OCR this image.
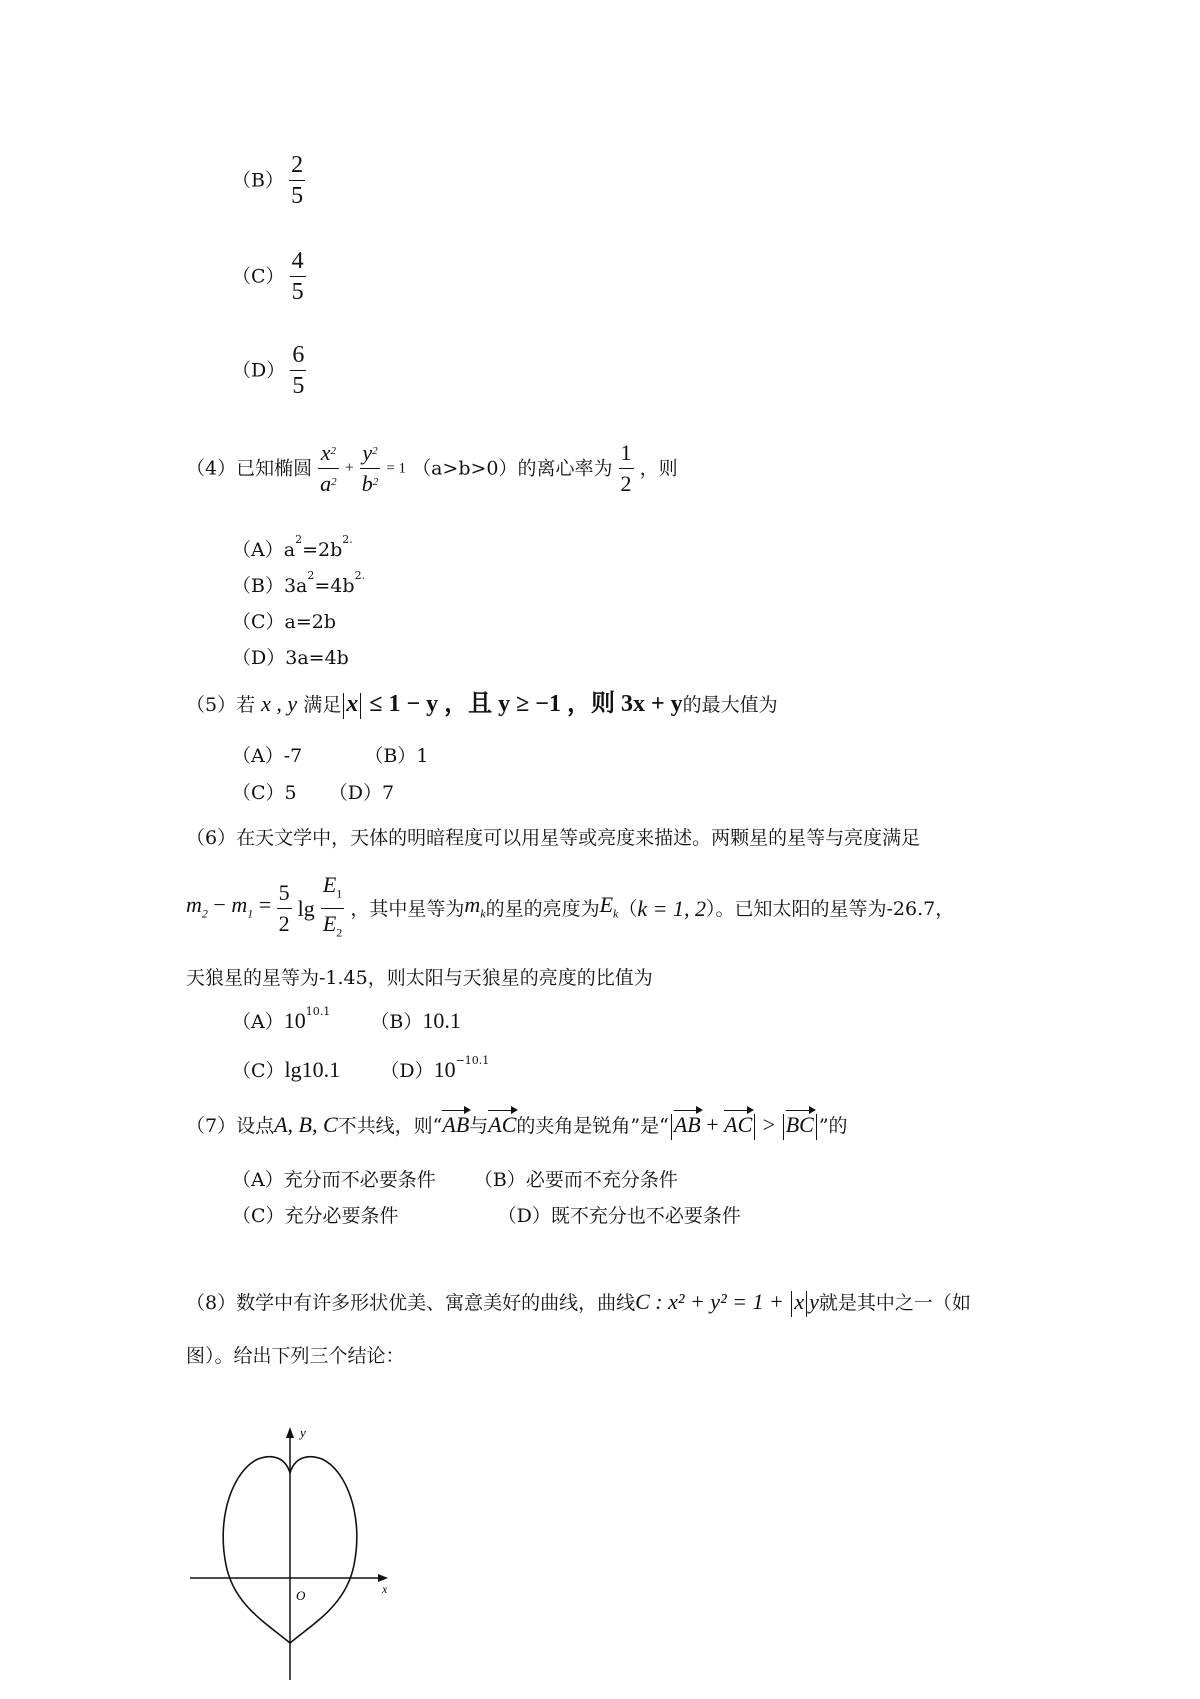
$(B) \frac{2}{5}$
$(C) \frac{4}{5}$
$(D) \frac{6}{5}$
（4）已知椭圆 $\frac{x^2}{a^2} + \frac{y^2}{b^2} = 1$ （a>b>0）的离心率为 $\frac{1}{2}$ ，则
$(A)a^2=2b^{2.}$
$(B)3a^2=4b^{2.}$
（C）a=2b
（D）3a=4b
（5）若 x , y 满足 x ≤ 1 − y ，且 y ≥ −1 ，则 3x + y的最大值为
（A）-7	（B）1
（C）5 （D）7
（6）在天文学中，天体的明暗程度可以用星等或亮度来描述。两颗星的星等与亮度满足
$m_2 - m_1 = \frac{5}{2}$ $\lg \frac{E_1}{E_2}$ ，其中星等为$m_k$的星的亮度为$E_k(k = 1$, 2）。已知太阳的星等为-26.7，
天狼星的星等为-1.45，则太阳与天狼星的亮度的比值为
$(A)10^{10.1}$ （B）10.1
（C）lg10.1 $(D)10^{-10.1}$
（7）设点A, B, C不共线，则“AB与AC的夹角是锐角”是“ AB + AC > BC ”的
（A）充分而不必要条件 （B）必要而不充分条件
（C）充分必要条件	（D）既不充分也不必要条件
（8）数学中有许多形状优美、寓意美好的曲线，曲线C : x² + y² = 1 + x y就是其中之一（如
图）。给出下列三个结论：
y
O	x
